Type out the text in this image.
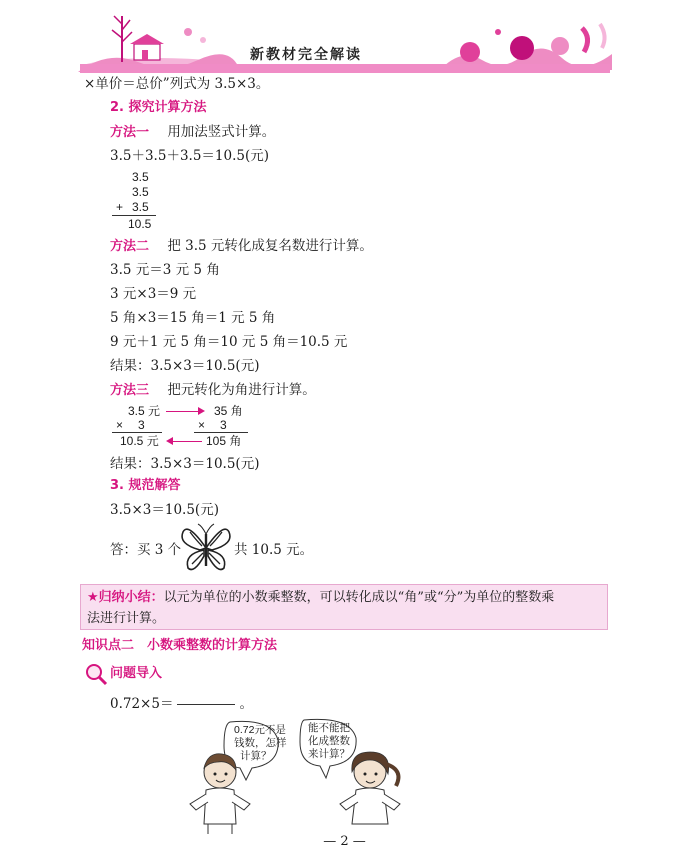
新教材完全解读
×单价＝总价”列式为 3.5×3。
2. 探究计算方法
方法一 用加法竖式计算。
3.5＋3.5＋3.5＝10.5(元)
3.5
3.5
+ 3.5
10.5
方法二 把 3.5 元转化成复名数进行计算。
3.5 元＝3 元 5 角
3 元×3＝9 元
5 角×3＝15 角＝1 元 5 角
9 元＋1 元 5 角＝10 元 5 角＝10.5 元
结果：3.5×3＝10.5(元)
方法三 把元转化为角进行计算。
3.5 元	35 角
× 3	× 3
10.5 元	105 角
结果：3.5×3＝10.5(元)
3. 规范解答
3.5×3＝10.5(元)
答：买 3 个	共 10.5 元。
★归纳小结：以元为单位的小数乘整数，可以转化成以“角”或“分”为单位的整数乘
法进行计算。
知识点二　小数乘整数的计算方法
问题导入
0.72×5＝	。
0.72元不是
钱数，怎样
计算？
能不能把
化成整数
来计算？
— 2 —
